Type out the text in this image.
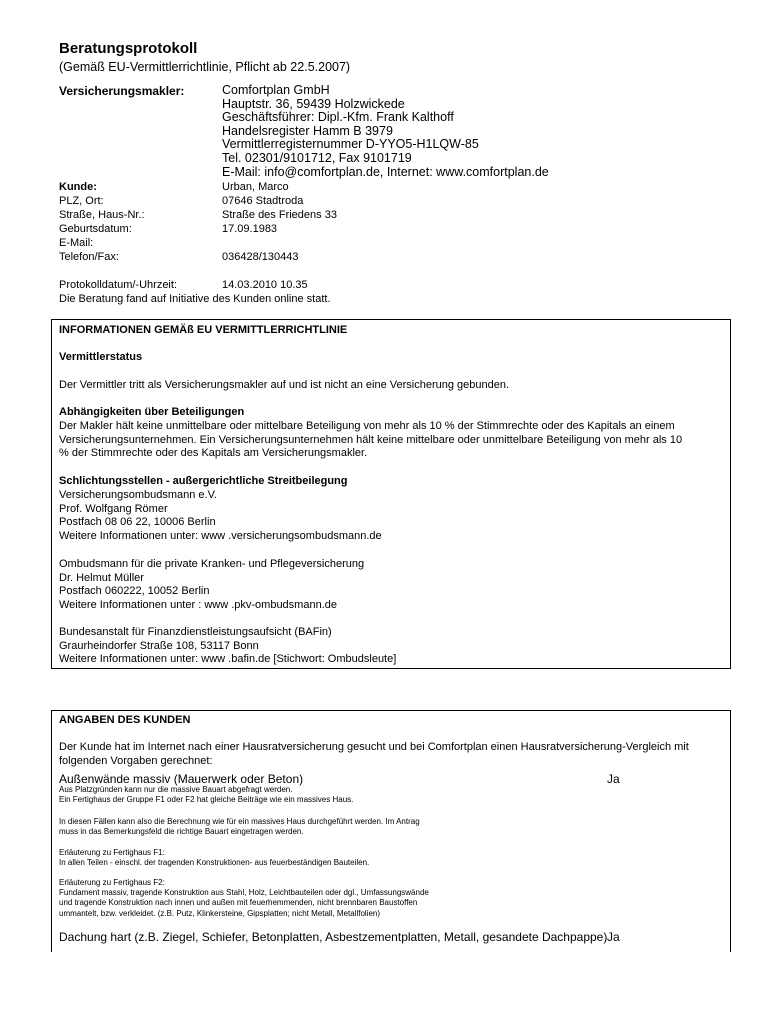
Beratungsprotokoll
(Gemäß EU-Vermittlerrichtlinie, Pflicht ab 22.5.2007)
Versicherungsmakler:	Comfortplan GmbH
Hauptstr. 36, 59439 Holzwickede
Geschäftsführer: Dipl.-Kfm. Frank Kalthoff
Handelsregister Hamm B 3979
Vermittlerregisternummer D-YYO5-H1LQW-85
Tel. 02301/9101712, Fax 9101719
E-Mail: info@comfortplan.de, Internet: www.comfortplan.de
Kunde:	Urban, Marco
PLZ, Ort:	07646 Stadtroda
Straße, Haus-Nr.:	Straße des Friedens 33
Geburtsdatum:	17.09.1983
E-Mail:
Telefon/Fax:	036428/130443
Protokolldatum/-Uhrzeit:	14.03.2010 10.35
Die Beratung fand auf Initiative des Kunden online statt.
INFORMATIONEN GEMÄß EU VERMITTLERRICHTLINIE
Vermittlerstatus
Der Vermittler tritt als Versicherungsmakler auf und ist nicht an eine Versicherung gebunden.
Abhängigkeiten über Beteiligungen
Der Makler hält keine unmittelbare oder mittelbare Beteiligung von mehr als 10 % der Stimmrechte oder des Kapitals an einem
Versicherungsunternehmen. Ein Versicherungsunternehmen hält keine mittelbare oder unmittelbare Beteiligung von mehr als 10
% der Stimmrechte oder des Kapitals am Versicherungsmakler.
Schlichtungsstellen - außergerichtliche Streitbeilegung
Versicherungsombudsmann e.V.
Prof. Wolfgang Römer
Postfach 08 06 22, 10006 Berlin
Weitere Informationen unter: www .versicherungsombudsmann.de
Ombudsmann für die private Kranken- und Pflegeversicherung
Dr. Helmut Müller
Postfach 060222, 10052 Berlin
Weitere Informationen unter : www .pkv-ombudsmann.de
Bundesanstalt für Finanzdienstleistungsaufsicht (BAFin)
Graurheindorfer Straße 108, 53117 Bonn
Weitere Informationen unter: www .bafin.de [Stichwort: Ombudsleute]
ANGABEN DES KUNDEN
Der Kunde hat im Internet nach einer Hausratversicherung gesucht und bei Comfortplan einen Hausratversicherung-Vergleich mit
folgenden Vorgaben gerechnet:
Außenwände massiv (Mauerwerk oder Beton)	Ja
Aus Platzgründen kann nur die massive Bauart abgefragt werden.
Ein Fertighaus der Gruppe F1 oder F2 hat gleiche Beiträge wie ein massives Haus.
In diesen Fällen kann also die Berechnung wie für ein massives Haus durchgeführt werden. Im Antrag
muss in das Bemerkungsfeld die richtige Bauart eingetragen werden.
Erläuterung zu Fertighaus F1:
In allen Teilen - einschl. der tragenden Konstruktionen- aus feuerbeständigen Bauteilen.
Erläuterung zu Fertighaus F2:
Fundament massiv, tragende Konstruktion aus Stahl, Holz, Leichtbauteilen oder dgl., Umfassungswände
und tragende Konstruktion nach innen und außen mit feuerhemmenden, nicht brennbaren Baustoffen
ummantelt, bzw. verkleidet. (z.B. Putz, Klinkersteine, Gipsplatten; nicht Metall, Metallfolien)
Dachung hart (z.B. Ziegel, Schiefer, Betonplatten, Asbestzementplatten, Metall, gesandete Dachpappe) Ja
